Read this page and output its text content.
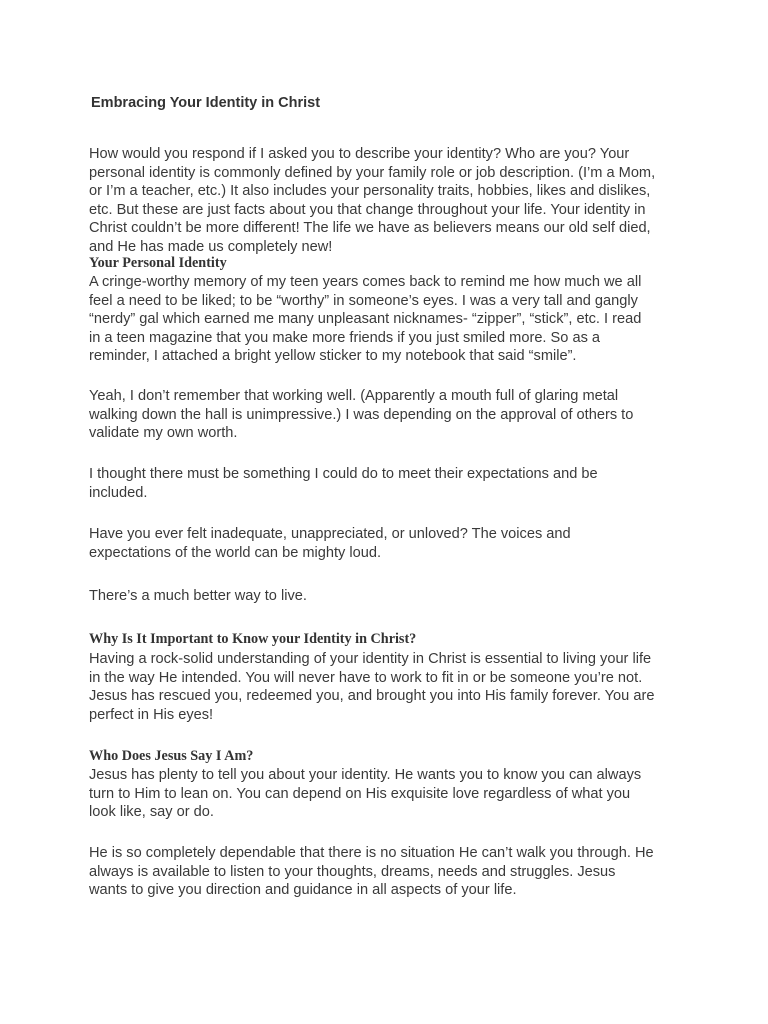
Embracing Your Identity in Christ

How would you respond if I asked you to describe your identity? Who are you? Your
personal identity is commonly defined by your family role or job description. (I’m a Mom,
or I’m a teacher, etc.) It also includes your personality traits, hobbies, likes and dislikes,
etc. But these are just facts about you that change throughout your life. Your identity in
Christ couldn’t be more different! The life we have as believers means our old self died,
and He has made us completely new!

Your Personal Identity

A cringe-worthy memory of my teen years comes back to remind me how much we all
feel a need to be liked; to be “worthy” in someone’s eyes. I was a very tall and gangly
“nerdy” gal which earned me many unpleasant nicknames- “zipper”, “stick”, etc. I read
in a teen magazine that you make more friends if you just smiled more. So as a
reminder, I attached a bright yellow sticker to my notebook that said “smile”.

Yeah, I don’t remember that working well. (Apparently a mouth full of glaring metal
walking down the hall is unimpressive.) I was depending on the approval of others to
validate my own worth.

I thought there must be something I could do to meet their expectations and be
included.

Have you ever felt inadequate, unappreciated, or unloved? The voices and
expectations of the world can be mighty loud.

There’s a much better way to live.

Why Is It Important to Know your Identity in Christ?

Having a rock-solid understanding of your identity in Christ is essential to living your life
in the way He intended. You will never have to work to fit in or be someone you’re not.
Jesus has rescued you, redeemed you, and brought you into His family forever. You are
perfect in His eyes!

Who Does Jesus Say I Am?

Jesus has plenty to tell you about your identity. He wants you to know you can always
turn to Him to lean on. You can depend on His exquisite love regardless of what you
look like, say or do.

He is so completely dependable that there is no situation He can’t walk you through. He
always is available to listen to your thoughts, dreams, needs and struggles. Jesus
wants to give you direction and guidance in all aspects of your life.
